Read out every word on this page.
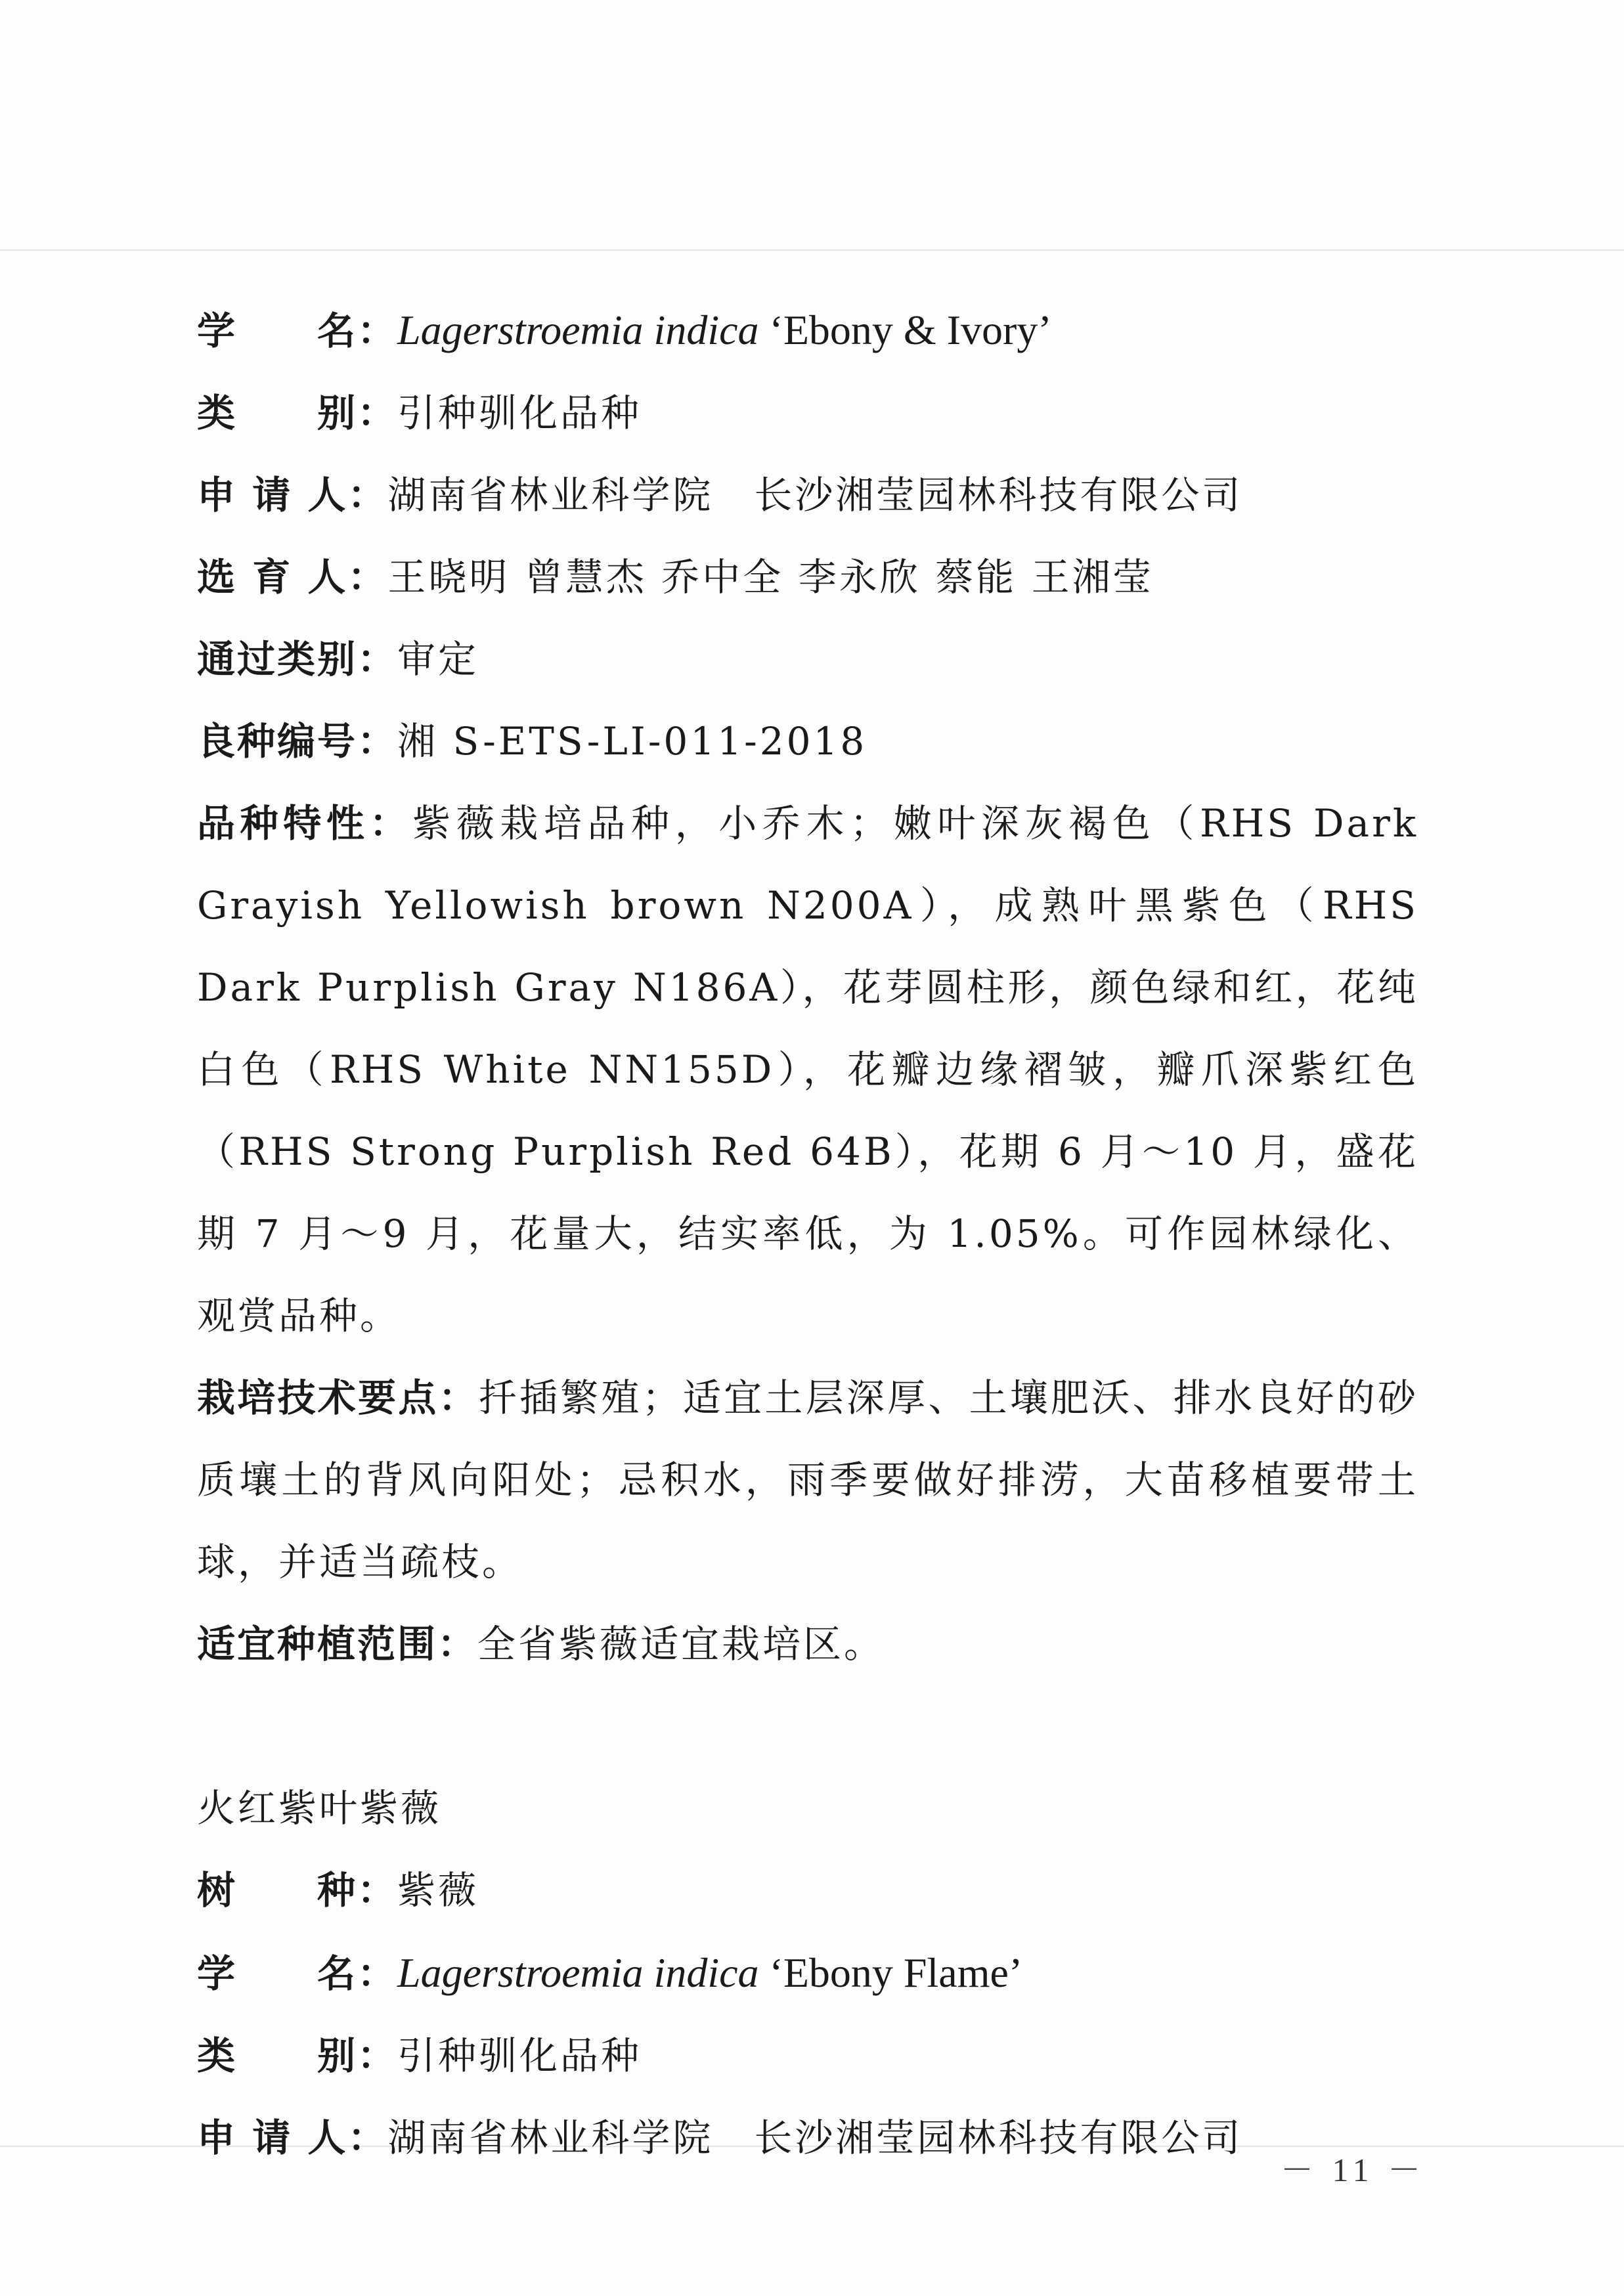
学　　名：Lagerstroemia indica ‘Ebony & Ivory’
类　　别：引种驯化品种
申 请 人：湖南省林业科学院　长沙湘莹园林科技有限公司
选 育 人：王晓明 曾慧杰 乔中全 李永欣 蔡能 王湘莹
通过类别：审定
良种编号：湘 S-ETS-LI-011-2018
品种特性：紫薇栽培品种，小乔木；嫩叶深灰褐色（RHS Dark Grayish Yellowish brown N200A），成熟叶黑紫色（RHS Dark Purplish Gray N186A），花芽圆柱形，颜色绿和红，花纯白色（RHS White NN155D），花瓣边缘褶皱，瓣爪深紫红色（RHS Strong Purplish Red 64B），花期 6 月～10 月，盛花期 7 月～9 月，花量大，结实率低，为 1.05%。可作园林绿化、观赏品种。
栽培技术要点：扦插繁殖；适宜土层深厚、土壤肥沃、排水良好的砂质壤土的背风向阳处；忌积水，雨季要做好排涝，大苗移植要带土球，并适当疏枝。
适宜种植范围：全省紫薇适宜栽培区。
火红紫叶紫薇
树　　种：紫薇
学　　名：Lagerstroemia indica ‘Ebony Flame’
类　　别：引种驯化品种
申 请 人：湖南省林业科学院　长沙湘莹园林科技有限公司
－ 11 －
